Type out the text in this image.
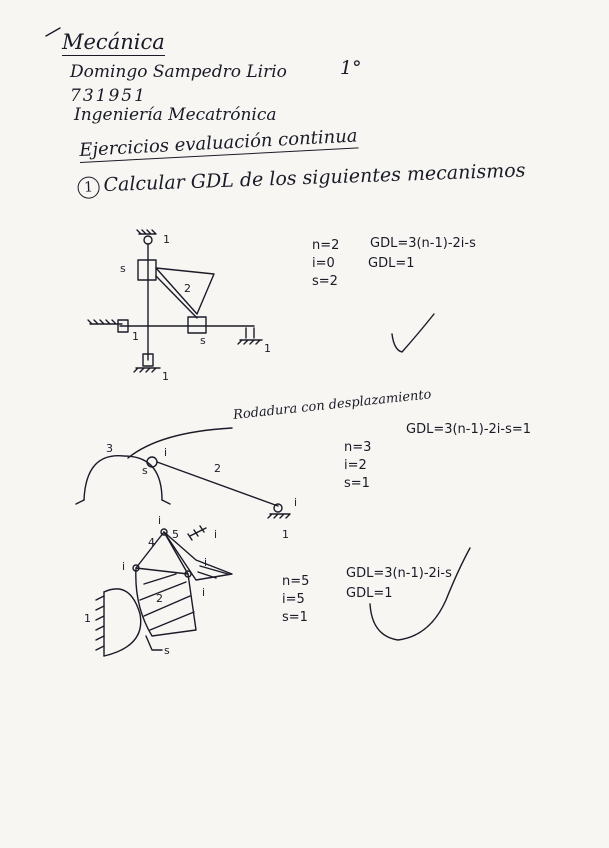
Mecánica
Domingo Sampedro Lirio	1°
731951
Ingeniería Mecatrónica
Ejercicios evaluación continua
1 Calcular GDL de los siguientes mecanismos
1
s
2
s
1
1
1
n=2
i=0
s=2
GDL=3(n-1)-2i-s
GDL=1
Rodadura con desplazamiento
3
s
i
2
i
1
n=3
i=2
s=1
GDL=3(n-1)-2i-s=1
4
5
i
i
2
1
s
i	i
i
n=5
i=5
s=1
GDL=3(n-1)-2i-s
GDL=1
